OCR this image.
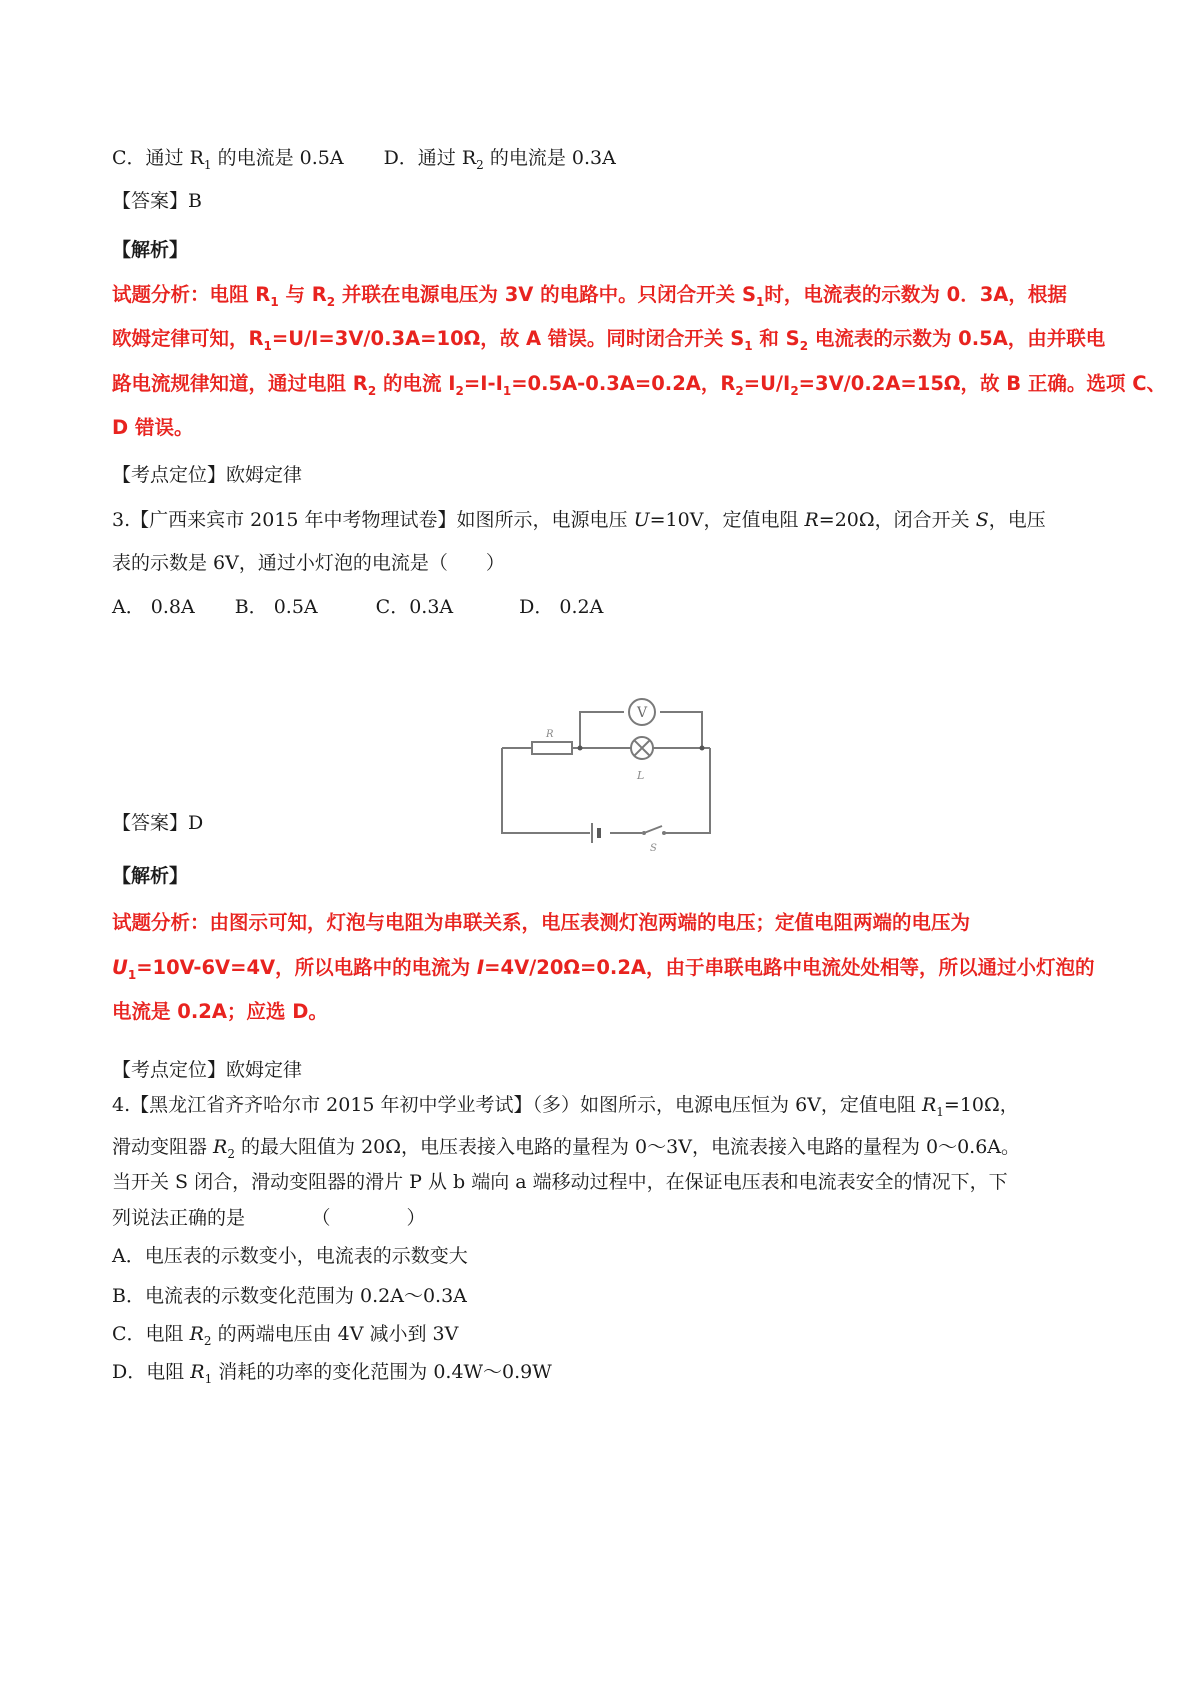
C．通过 $R_1$ 的电流是 0.5A D．通过 $R_2$ 的电流是 0.3A
【答案】B
【解析】
试题分析：电阻 $R_1$ 与 $R_2$ 并联在电源电压为 3V 的电路中。只闭合开关 $S_1$时，电流表的示数为 0．3A，根据
欧姆定律可知，$R_1=U/I=3V/0.3A=10\Omega$，故 A 错误。同时闭合开关 $S_1$ 和 $S_2$ 电流表的示数为 0.5A，由并联电
路电流规律知道，通过电阻 $R_2$ 的电流 $I_2=I-I_1=0.5A-0.3A=0.2A$，$R_2=U/I_2=3V/0.2A=15\Omega$，故 B 正确。选项 C、
D 错误。
【考点定位】欧姆定律
3.【广西来宾市 2015 年中考物理试卷】如图所示，电源电压 U=10V，定值电阻 R=20Ω，闭合开关 S，电压
表的示数是 6V，通过小灯泡的电流是（　　）
A． 0.8A B． 0.5A	C．0.3A	D． 0.2A
R
V
L
S
【答案】D
【解析】
试题分析：由图示可知，灯泡与电阻为串联关系，电压表测灯泡两端的电压；定值电阻两端的电压为
$U_1=10V-6V=4V$，所以电路中的电流为 I=4V/20Ω=0.2A，由于串联电路中电流处处相等，所以通过小灯泡的
电流是 0.2A；应选 D。
【考点定位】欧姆定律
4.【黑龙江省齐齐哈尔市 2015 年初中学业考试】（多）如图所示，电源电压恒为 6V，定值电阻 $R_1=10\Omega$，
滑动变阻器 $R_2$ 的最大阻值为 20Ω，电压表接入电路的量程为 0～3V，电流表接入电路的量程为 0～0.6A。
当开关 S 闭合，滑动变阻器的滑片 P 从 b 端向 a 端移动过程中，在保证电压表和电流表安全的情况下，下
列说法正确的是　　　　（　　　　）
A．电压表的示数变小，电流表的示数变大
B．电流表的示数变化范围为 0.2A～0.3A
C．电阻 $R_2$ 的两端电压由 4V 减小到 3V
D．电阻 $R_1$ 消耗的功率的变化范围为 0.4W～0.9W
